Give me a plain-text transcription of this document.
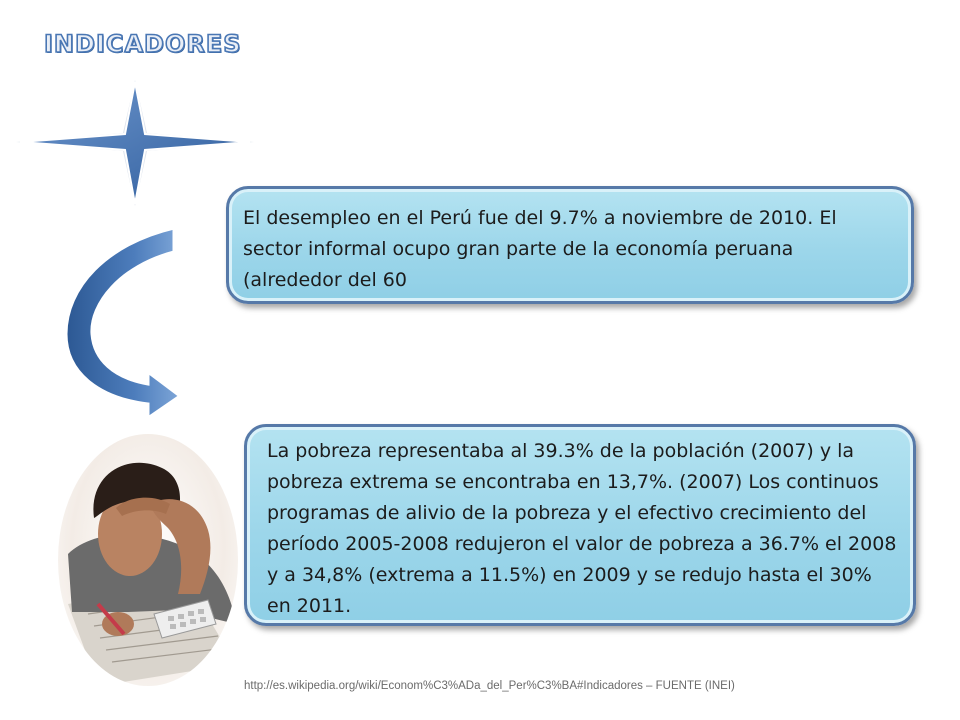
INDICADORES
El desempleo en el Perú fue del 9.7% a noviembre de 2010. El sector informal ocupo gran parte de la economía peruana (alrededor del 60
La pobreza representaba al 39.3% de la población (2007) y la pobreza extrema se encontraba en 13,7%. (2007) Los continuos programas de alivio de la pobreza y el efectivo crecimiento del período 2005-2008 redujeron el valor de pobreza a 36.7% el 2008 y a 34,8% (extrema a 11.5%) en 2009 y se redujo hasta el 30% en 2011.
http://es.wikipedia.org/wiki/Econom%C3%ADa_del_Per%C3%BA#Indicadores – FUENTE (INEI)
